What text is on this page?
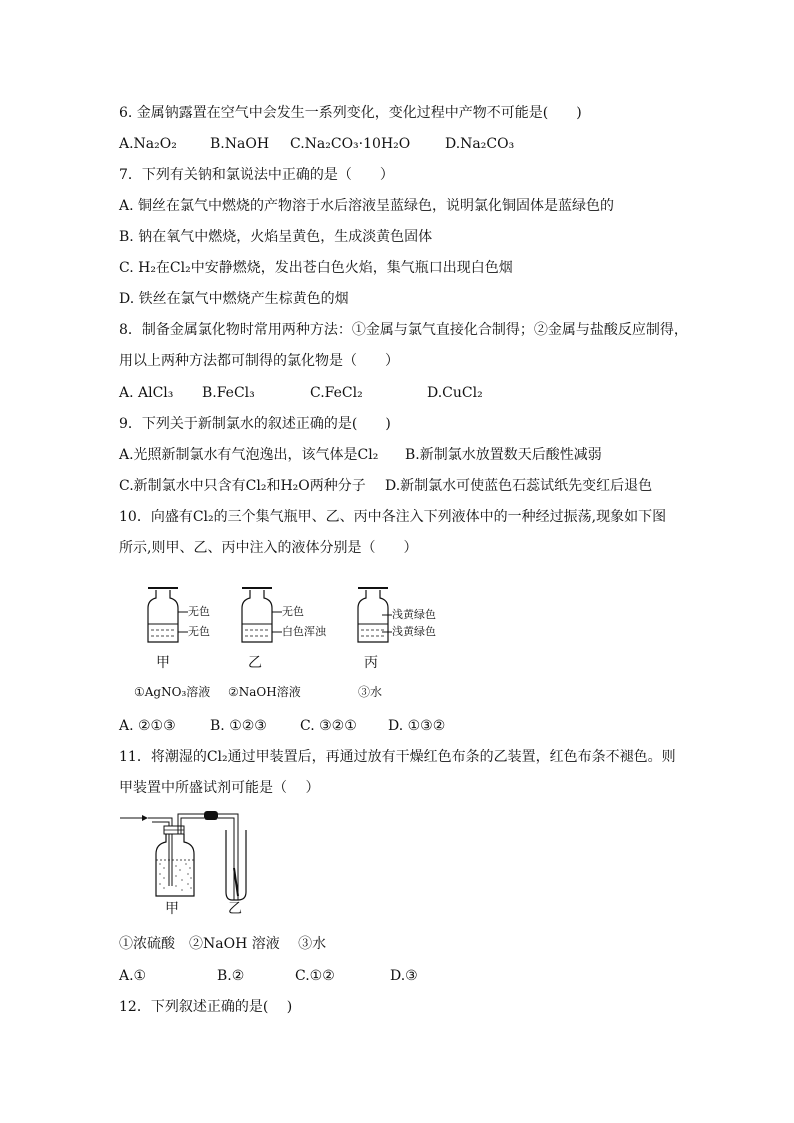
6. 金属钠露置在空气中会发生一系列变化，变化过程中产物不可能是(　　)
A.Na₂O₂ B.NaOH C.Na₂CO₃·10H₂O D.Na₂CO₃
7．下列有关钠和氯说法中正确的是（　　）
A. 铜丝在氯气中燃烧的产物溶于水后溶液呈蓝绿色，说明氯化铜固体是蓝绿色的
B. 钠在氧气中燃烧，火焰呈黄色，生成淡黄色固体
C. H₂在Cl₂中安静燃烧，发出苍白色火焰，集气瓶口出现白色烟
D. 铁丝在氯气中燃烧产生棕黄色的烟
8．制备金属氯化物时常用两种方法：①金属与氯气直接化合制得；②金属与盐酸反应制得，
用以上两种方法都可制得的氯化物是（　　）
A. AlCl₃ B.FeCl₃	C.FeCl₂	D.CuCl₂
9．下列关于新制氯水的叙述正确的是(　　)
A.光照新制氯水有气泡逸出，该气体是Cl₂ B.新制氯水放置数天后酸性减弱
C.新制氯水中只含有Cl₂和H₂O两种分子 D.新制氯水可使蓝色石蕊试纸先变红后退色
10．向盛有Cl₂的三个集气瓶甲、乙、丙中各注入下列液体中的一种经过振荡,现象如下图
所示,则甲、乙、丙中注入的液体分别是（　　）
无色
无色
甲
无色
白色浑浊
乙
浅黄绿色
浅黄绿色
丙
①AgNO₃溶液 ②NaOH溶液	③水
A. ②①③ B. ①②③ C. ③②① D. ①③②
11．将潮湿的Cl₂通过甲装置后，再通过放有干燥红色布条的乙装置，红色布条不褪色。则
甲装置中所盛试剂可能是（　 ）
甲	乙
①浓硫酸　②NaOH 溶液　 ③水
A.①	B.②	C.①②	D.③
12．下列叙述正确的是(　 )
